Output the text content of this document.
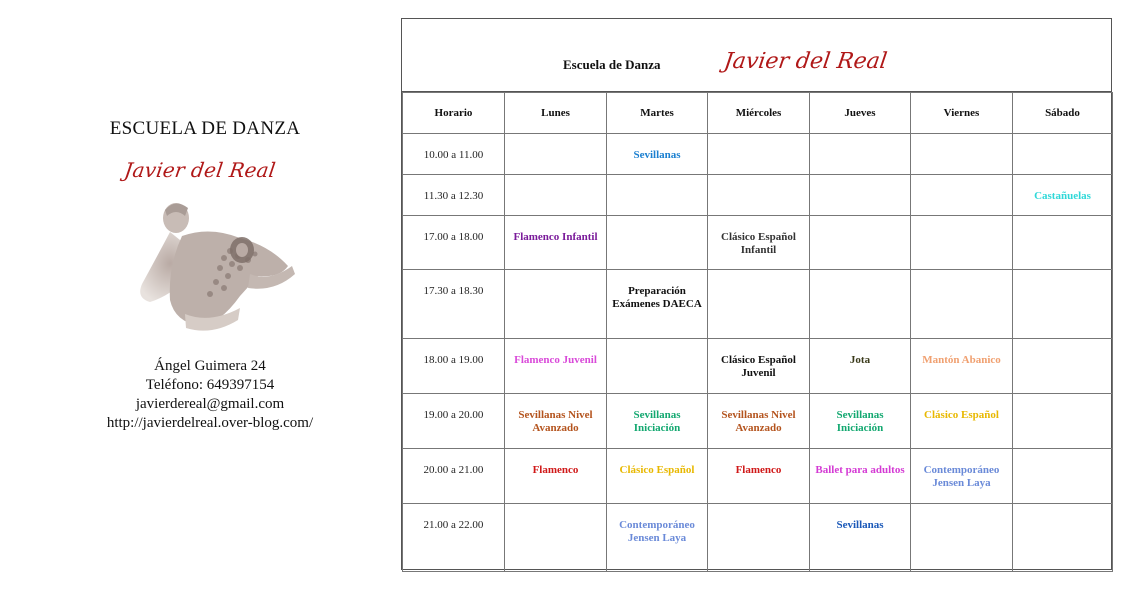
ESCUELA DE DANZA
Javier del Real
Ángel Guimera 24
Teléfono: 649397154
javierdereal@gmail.com
http://javierdelreal.over-blog.com/
Escuela de Danza	Javier del Real
Horario	Lunes	Martes	Miércoles	Jueves	Viernes	Sábado
10.00 a 11.00		Sevillanas				
11.30 a 12.30						Castañuelas
17.00 a 18.00	Flamenco Infantil		Clásico Español Infantil			
17.30 a 18.30		Preparación Exámenes DAECA				
18.00 a 19.00	Flamenco Juvenil		Clásico Español Juvenil	Jota	Mantón Abanico	
19.00 a 20.00	Sevillanas Nivel Avanzado	Sevillanas Iniciación	Sevillanas Nivel Avanzado	Sevillanas Iniciación	Clásico Español	
20.00 a 21.00	Flamenco	Clásico Español	Flamenco	Ballet para adultos	Contemporáneo Jensen Laya	
21.00 a 22.00		Contemporáneo Jensen Laya		Sevillanas		
